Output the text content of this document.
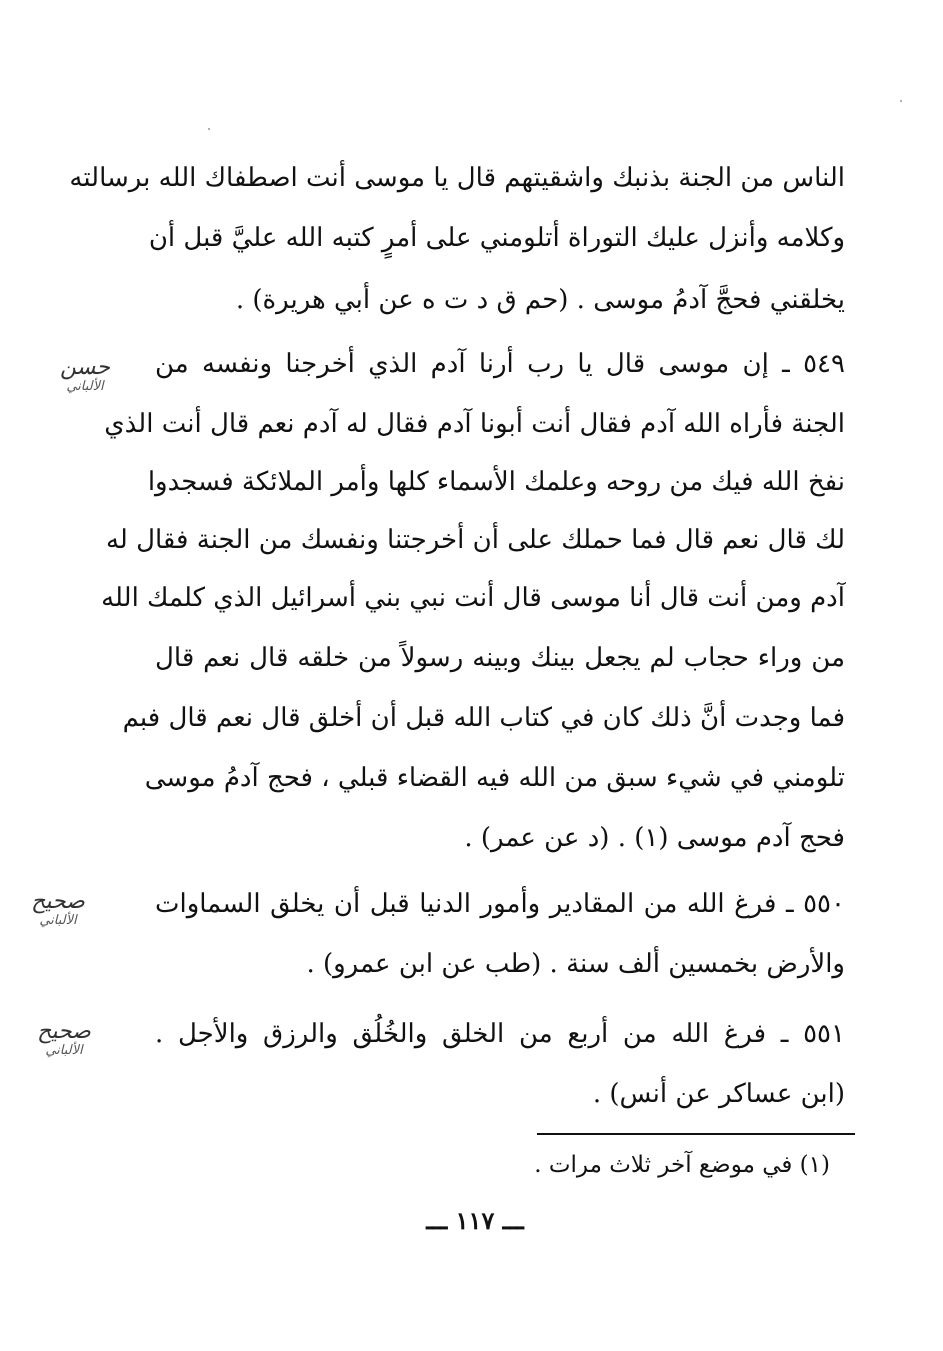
الناس من الجنة بذنبك واشقيتهم قال يا موسى أنت اصطفاك الله برسالته
وكلامه وأنزل عليك التوراة أتلومني على أمرٍ كتبه الله عليَّ قبل أن
يخلقني فحجَّ آدمُ موسى . (حم ق د ت ه عن أبي هريرة) .
٥٤٩ ـ إن موسى قال يا رب أرنا آدم الذي أخرجنا ونفسه من
الجنة فأراه الله آدم فقال أنت أبونا آدم فقال له آدم نعم قال أنت الذي
نفخ الله فيك من روحه وعلمك الأسماء كلها وأمر الملائكة فسجدوا
لك قال نعم قال فما حملك على أن أخرجتنا ونفسك من الجنة فقال له
آدم ومن أنت قال أنا موسى قال أنت نبي بني أسرائيل الذي كلمك الله
من وراء حجاب لم يجعل بينك وبينه رسولاً من خلقه قال نعم قال
فما وجدت أنَّ ذلك كان في كتاب الله قبل أن أخلق قال نعم قال فبم
تلومني في شيء سبق من الله فيه القضاء قبلي ، فحج آدمُ موسى
فحج آدم موسى (١) . (د عن عمر) .
٥٥٠ ـ فرغ الله من المقادير وأمور الدنيا قبل أن يخلق السماوات
والأرض بخمسين ألف سنة . (طب عن ابن عمرو) .
٥٥١ ـ فرغ الله من أربع من الخلق والخُلُق والرزق والأجل .
(ابن عساكر عن أنس) .
حسن
الألباني
صحيح
الألباني
صحيح
الألباني
(١) في موضع آخر ثلاث مرات .
ـــ ١١٧ ـــ
